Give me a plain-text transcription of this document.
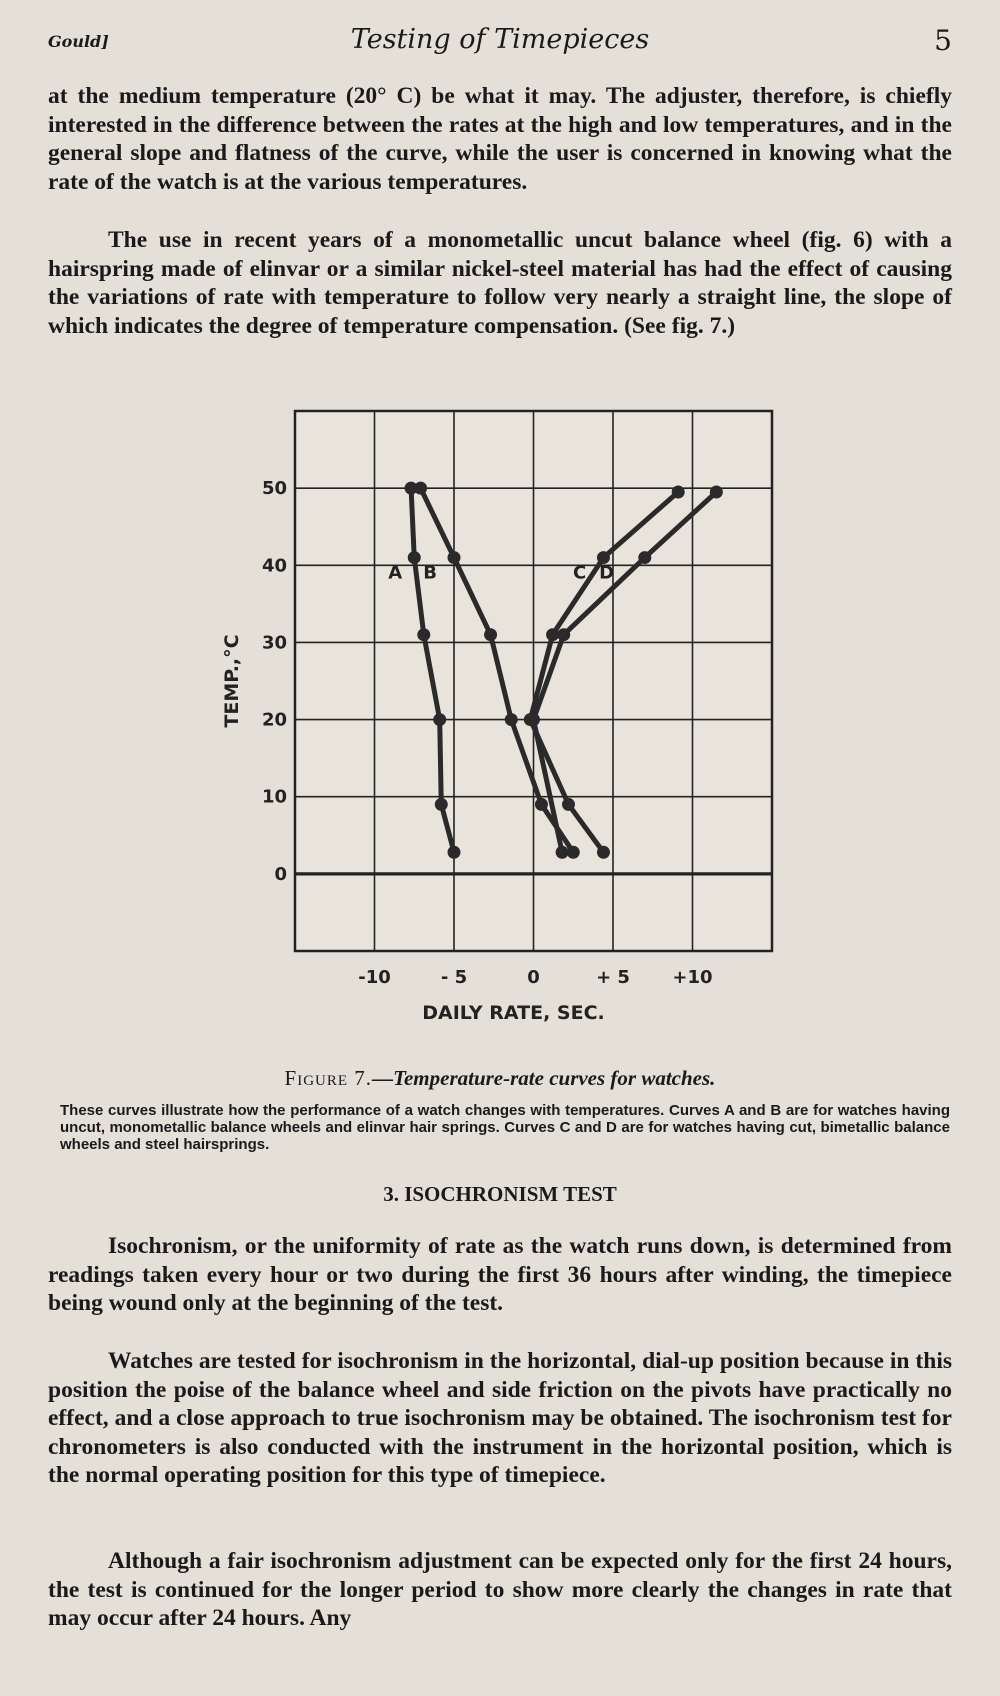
Gould]	Testing of Timepieces	5

at the medium temperature (20° C) be what it may. The adjuster, therefore, is chiefly interested in the difference between the rates at the high and low temperatures, and in the general slope and flatness of the curve, while the user is concerned in knowing what the rate of the watch is at the various temperatures.

The use in recent years of a monometallic uncut balance wheel (fig. 6) with a hairspring made of elinvar or a similar nickel-steel material has had the effect of causing the variations of rate with temperature to follow very nearly a straight line, the slope of which indicates the degree of temperature compensation. (See fig. 7.)

0
10
20
30
40
50
-10	- 5	0	+ 5 +10
DAILY RATE, SEC.
TEMP.,°C
A B	C D
Figure 7.—Temperature-rate curves for watches.

These curves illustrate how the performance of a watch changes with temperatures. Curves A and B are for watches having uncut, monometallic balance wheels and elinvar hair springs. Curves C and D are for watches having cut, bimetallic balance wheels and steel hairsprings.

3. ISOCHRONISM TEST

Isochronism, or the uniformity of rate as the watch runs down, is determined from readings taken every hour or two during the first 36 hours after winding, the timepiece being wound only at the beginning of the test.

Watches are tested for isochronism in the horizontal, dial-up position because in this position the poise of the balance wheel and side friction on the pivots have practically no effect, and a close approach to true isochronism may be obtained. The isochronism test for chronometers is also conducted with the instrument in the horizontal position, which is the normal operating position for this type of timepiece.

Although a fair isochronism adjustment can be expected only for the first 24 hours, the test is continued for the longer period to show more clearly the changes in rate that may occur after 24 hours. Any
